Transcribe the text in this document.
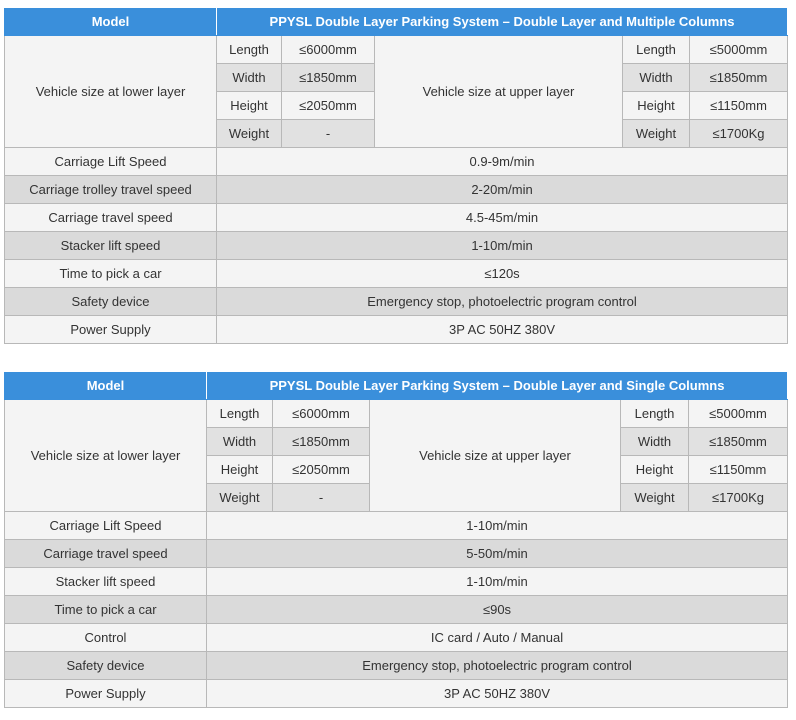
Model	PPYSL Double Layer Parking System – Double Layer and Multiple Columns				
Vehicle size at lower layer	Length	≤6000mm	Vehicle size at upper layer	Length	≤5000mm
	Width	≤1850mm		Width	≤1850mm
	Height	≤2050mm		Height	≤1150mm
	Weight	-		Weight	≤1700Kg
Carriage Lift Speed	0.9-9m/min				
Carriage trolley travel speed	2-20m/min				
Carriage travel speed	4.5-45m/min				
Stacker lift speed	1-10m/min				
Time to pick a car	≤120s				
Safety device	Emergency stop, photoelectric program control				
Power Supply	3P AC 50HZ 380V				
Model	PPYSL Double Layer Parking System – Double Layer and Single Columns				
Vehicle size at lower layer	Length	≤6000mm	Vehicle size at upper layer	Length	≤5000mm
	Width	≤1850mm		Width	≤1850mm
	Height	≤2050mm		Height	≤1150mm
	Weight	-		Weight	≤1700Kg
Carriage Lift Speed	1-10m/min				
Carriage travel speed	5-50m/min				
Stacker lift speed	1-10m/min				
Time to pick a car	≤90s				
Control	IC card / Auto / Manual				
Safety device	Emergency stop, photoelectric program control				
Power Supply	3P AC 50HZ 380V				
